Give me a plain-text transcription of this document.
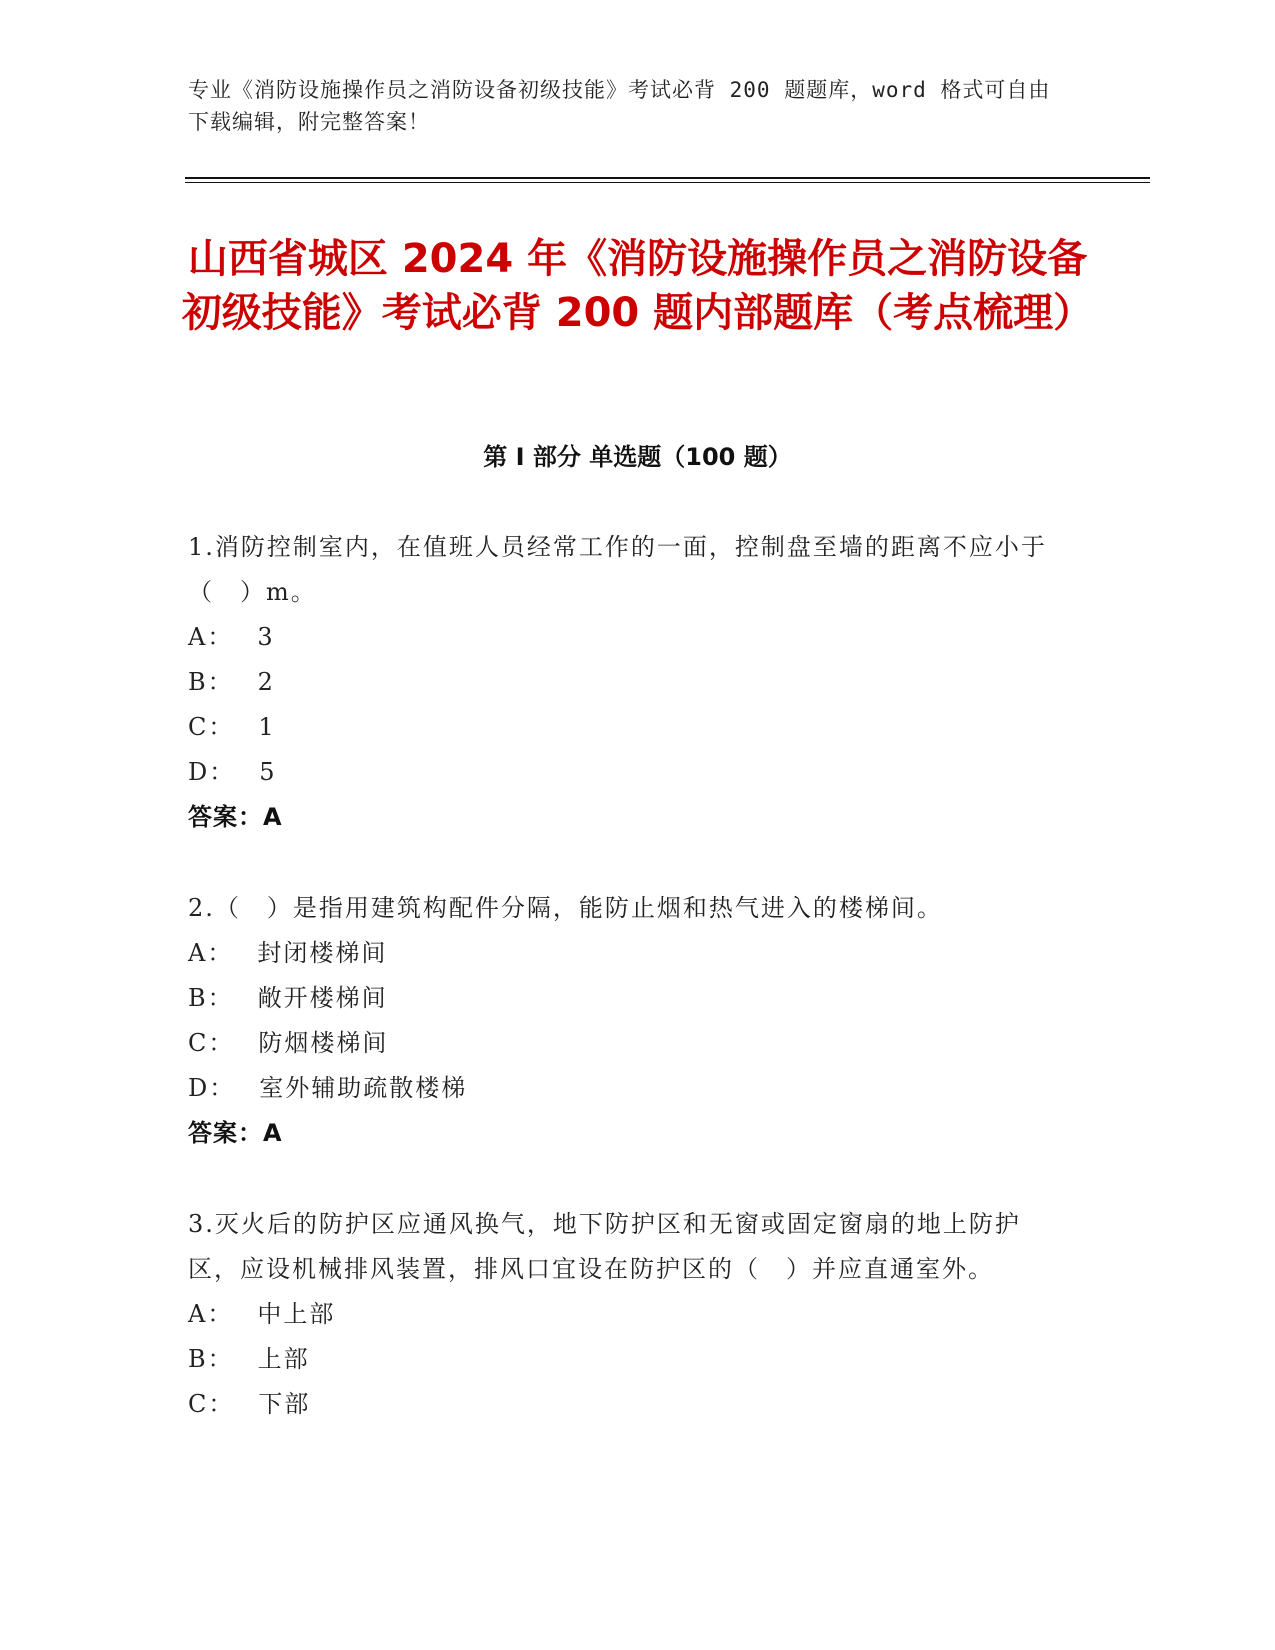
专业《消防设施操作员之消防设备初级技能》考试必背 200 题题库，word 格式可自由下载编辑，附完整答案！
山西省城区 2024 年《消防设施操作员之消防设备初级技能》考试必背 200 题内部题库（考点梳理）
第 I 部分 单选题（100 题）
1.消防控制室内，在值班人员经常工作的一面，控制盘至墙的距离不应小于（　）m。
A： 3
B： 2
C： 1
D： 5
答案：A
2.（　）是指用建筑构配件分隔，能防止烟和热气进入的楼梯间。
A： 封闭楼梯间
B： 敞开楼梯间
C： 防烟楼梯间
D： 室外辅助疏散楼梯
答案：A
3.灭火后的防护区应通风换气，地下防护区和无窗或固定窗扇的地上防护区，应设机械排风装置，排风口宜设在防护区的（　）并应直通室外。
A： 中上部
B： 上部
C： 下部
